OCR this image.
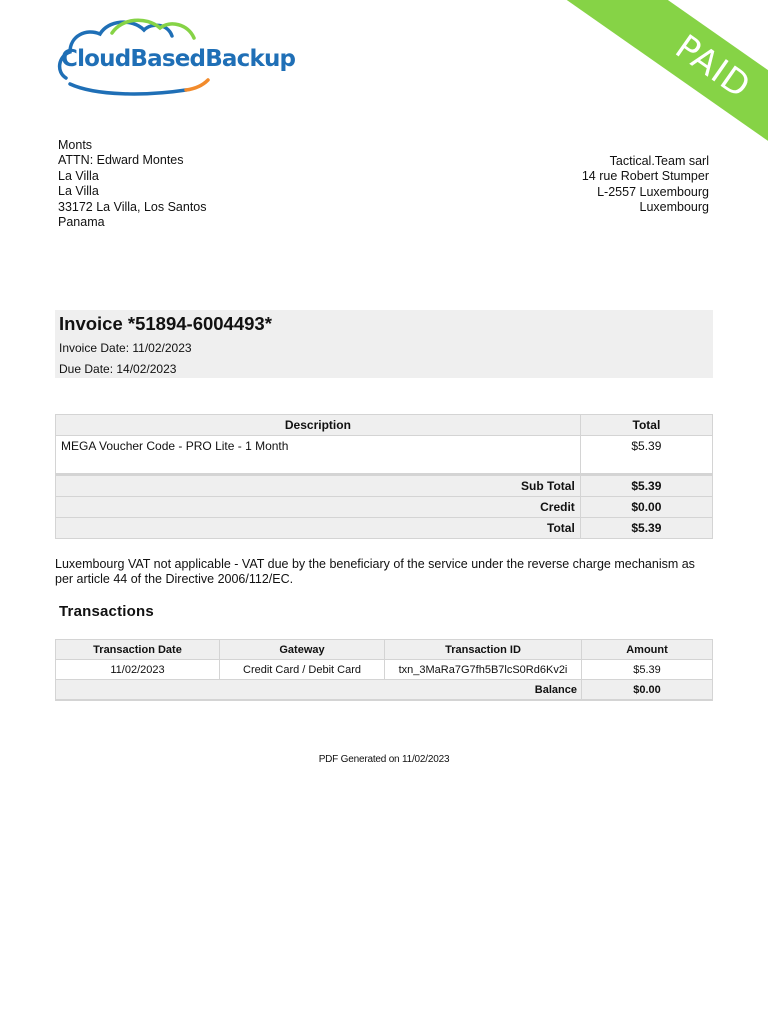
CloudBasedBackup	PAID
Monts
ATTN: Edward Montes
La Villa
La Villa
33172 La Villa, Los Santos
Panama
Tactical.Team sarl
14 rue Robert Stumper
L-2557 Luxembourg
Luxembourg
Invoice *51894-6004493*
Invoice Date: 11/02/2023
Due Date: 14/02/2023
Description	Total
MEGA Voucher Code - PRO Lite - 1 Month	$5.39

Sub Total	$5.39
Credit	$0.00
Total	$5.39
Luxembourg VAT not applicable - VAT due by the beneficiary of the service under the reverse charge mechanism as per article 44 of the Directive 2006/112/EC.
Transactions
Transaction Date	Gateway	Transaction ID	Amount
11/02/2023	Credit Card / Debit Card	txn_3MaRa7G7fh5B7lcS0Rd6Kv2i	$5.39
Balance			$0.00
PDF Generated on 11/02/2023
